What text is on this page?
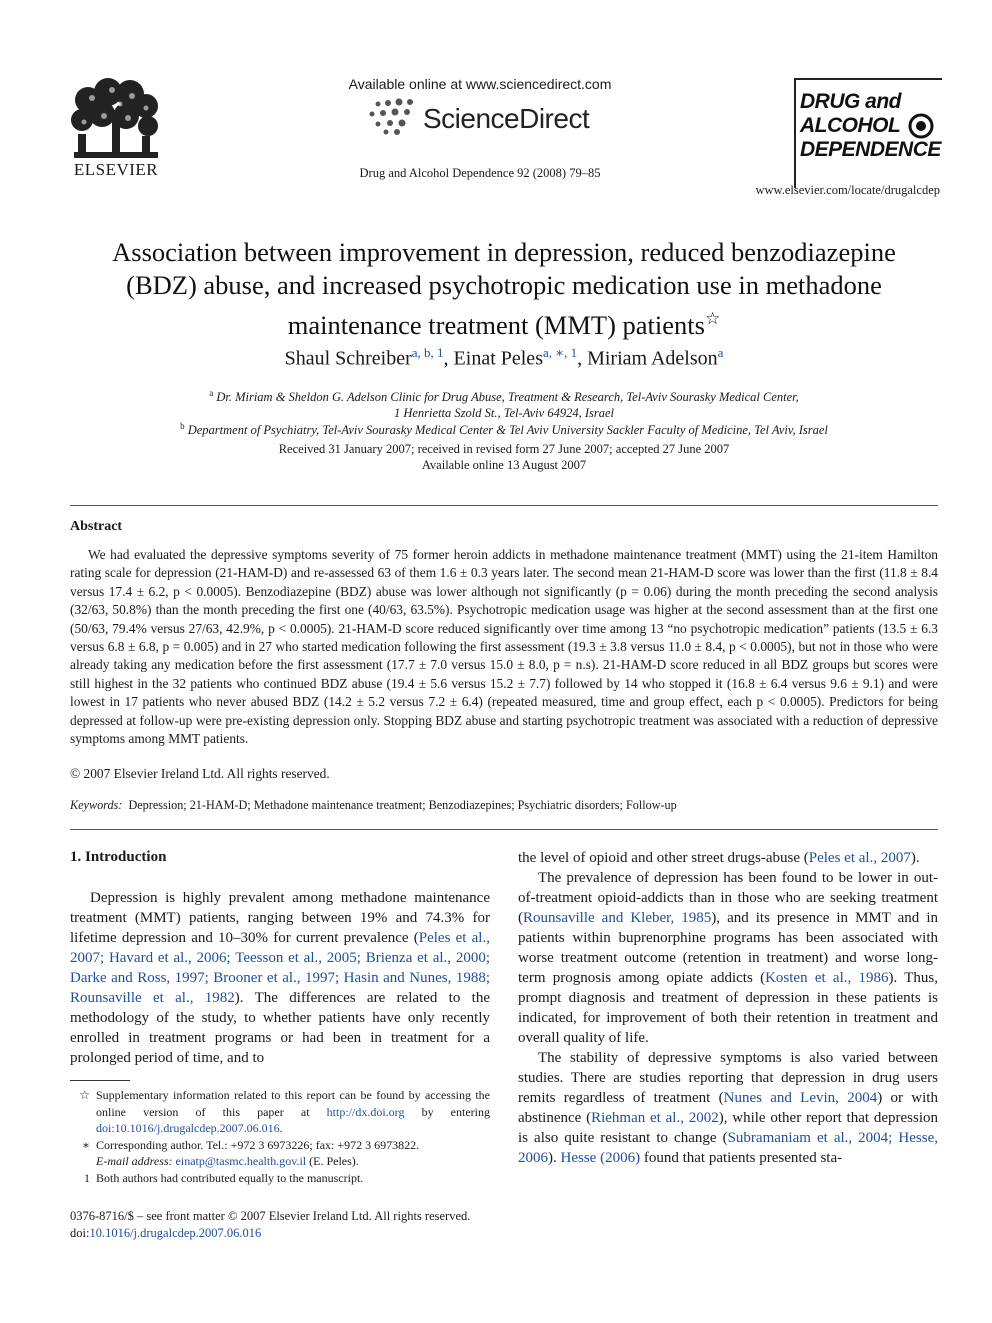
ELSEVIER
Available online at www.sciencedirect.com
ScienceDirect
Drug and Alcohol Dependence 92 (2008) 79–85
DRUG and
ALCOHOL
DEPENDENCE
www.elsevier.com/locate/drugalcdep
Association between improvement in depression, reduced benzodiazepine
(BDZ) abuse, and increased psychotropic medication use in methadone
maintenance treatment (MMT) patients☆
Shaul Schreiber$^{a, b, 1}$, Einat Peles$^{a, ∗, 1}$, Miriam Adelson$^a$
$^a$ Dr. Miriam & Sheldon G. Adelson Clinic for Drug Abuse, Treatment & Research, Tel-Aviv Sourasky Medical Center,
1 Henrietta Szold St., Tel-Aviv 64924, Israel
$^b$ Department of Psychiatry, Tel-Aviv Sourasky Medical Center & Tel Aviv University Sackler Faculty of Medicine, Tel Aviv, Israel
Received 31 January 2007; received in revised form 27 June 2007; accepted 27 June 2007
Available online 13 August 2007
Abstract
We had evaluated the depressive symptoms severity of 75 former heroin addicts in methadone maintenance treatment (MMT) using the 21-item Hamilton rating scale for depression (21-HAM-D) and re-assessed 63 of them 1.6 ± 0.3 years later. The second mean 21-HAM-D score was lower than the first (11.8 ± 8.4 versus 17.4 ± 6.2, p < 0.0005). Benzodiazepine (BDZ) abuse was lower although not significantly (p = 0.06) during the month preceding the second analysis (32/63, 50.8%) than the month preceding the first one (40/63, 63.5%). Psychotropic medication usage was higher at the second assessment than at the first one (50/63, 79.4% versus 27/63, 42.9%, p < 0.0005). 21-HAM-D score reduced significantly over time among 13 “no psychotropic medication” patients (13.5 ± 6.3 versus 6.8 ± 6.8, p = 0.005) and in 27 who started medication following the first assessment (19.3 ± 3.8 versus 11.0 ± 8.4, p < 0.0005), but not in those who were already taking any medication before the first assessment (17.7 ± 7.0 versus 15.0 ± 8.0, p = n.s). 21-HAM-D score reduced in all BDZ groups but scores were still highest in the 32 patients who continued BDZ abuse (19.4 ± 5.6 versus 15.2 ± 7.7) followed by 14 who stopped it (16.8 ± 6.4 versus 9.6 ± 9.1) and were lowest in 17 patients who never abused BDZ (14.2 ± 5.2 versus 7.2 ± 6.4) (repeated measured, time and group effect, each p < 0.0005). Predictors for being depressed at follow-up were pre-existing depression only. Stopping BDZ abuse and starting psychotropic treatment was associated with a reduction of depressive symptoms among MMT patients.
© 2007 Elsevier Ireland Ltd. All rights reserved.
Keywords: Depression; 21-HAM-D; Methadone maintenance treatment; Benzodiazepines; Psychiatric disorders; Follow-up
1. Introduction

Depression is highly prevalent among methadone maintenance treatment (MMT) patients, ranging between 19% and 74.3% for lifetime depression and 10–30% for current prevalence (Peles et al., 2007; Havard et al., 2006; Teesson et al., 2005; Brienza et al., 2000; Darke and Ross, 1997; Brooner et al., 1997; Hasin and Nunes, 1988; Rounsaville et al., 1982). The differences are related to the methodology of the study, to whether patients have only recently enrolled in treatment programs or had been in treatment for a prolonged period of time, and to

the level of opioid and other street drugs-abuse (Peles et al., 2007).

The prevalence of depression has been found to be lower in out-of-treatment opioid-addicts than in those who are seeking treatment (Rounsaville and Kleber, 1985), and its presence in MMT and in patients within buprenorphine programs has been associated with worse treatment outcome (retention in treatment) and worse long-term prognosis among opiate addicts (Kosten et al., 1986). Thus, prompt diagnosis and treatment of depression in these patients is indicated, for improvement of both their retention in treatment and overall quality of life.

The stability of depressive symptoms is also varied between studies. There are studies reporting that depression in drug users remits regardless of treatment (Nunes and Levin, 2004) or with abstinence (Riehman et al., 2002), while other report that depression is also quite resistant to change (Subramaniam et al., 2004; Hesse, 2006). Hesse (2006) found that patients presented sta-

☆ Supplementary information related to this report can be found by accessing the online version of this paper at http://dx.doi.org by entering doi:10.1016/j.drugalcdep.2007.06.016.
∗ Corresponding author. Tel.: +972 3 6973226; fax: +972 3 6973822.
E-mail address: einatp@tasmc.health.gov.il (E. Peles).
1 Both authors had contributed equally to the manuscript.
0376-8716/$ – see front matter © 2007 Elsevier Ireland Ltd. All rights reserved.
doi:10.1016/j.drugalcdep.2007.06.016
